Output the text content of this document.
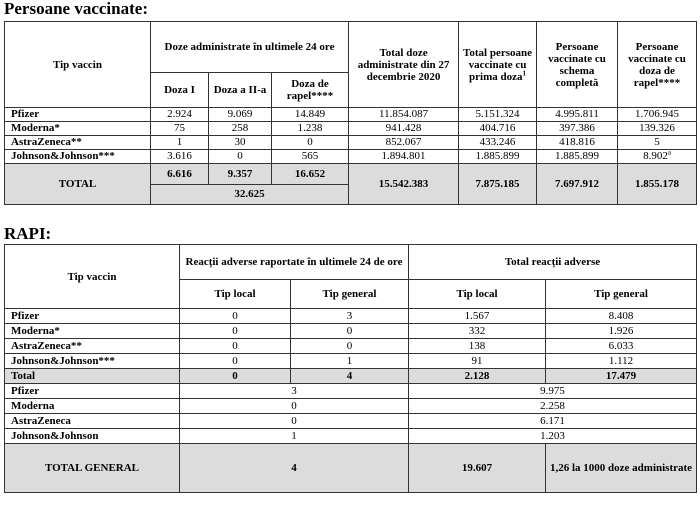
Persoane vaccinate:
Tip vaccin	Doze administrate în ultimele 24 ore			Total doze administrate din 27 decembrie 2020	Total persoane vaccinate cu prima doza$^1$	Persoane vaccinate cu schema completă	Persoane vaccinate cu doza de rapel****
	Doza I	Doza a II-a	Doza de rapel****				
Pfizer	2.924	9.069	14.849	11.854.087	5.151.324	4.995.811	1.706.945
Moderna*	75	258	1.238	941.428	404.716	397.386	139.326
AstraZeneca**	1	30	0	852.067	433.246	418.816	5
Johnson&Johnson***	3.616	0	565	1.894.801	1.885.899	1.885.899	8.902$^a$
TOTAL	6.616	9.357	16.652	15.542.383	7.875.185	7.697.912	1.855.178
	32.625						
RAPI:
Tip vaccin	Reacții adverse raportate în ultimele 24 de ore		Total reacții adverse	
	Tip local	Tip general	Tip local	Tip general
Pfizer	0	3	1.567	8.408
Moderna*	0	0	332	1.926
AstraZeneca**	0	0	138	6.033
Johnson&Johnson***	0	1	91	1.112
Total	0	4	2.128	17.479
Pfizer	3		9.975	
Moderna	0		2.258	
AstraZeneca	0		6.171	
Johnson&Johnson	1		1.203	
TOTAL GENERAL	4		19.607	1,26 la 1000 doze administrate
